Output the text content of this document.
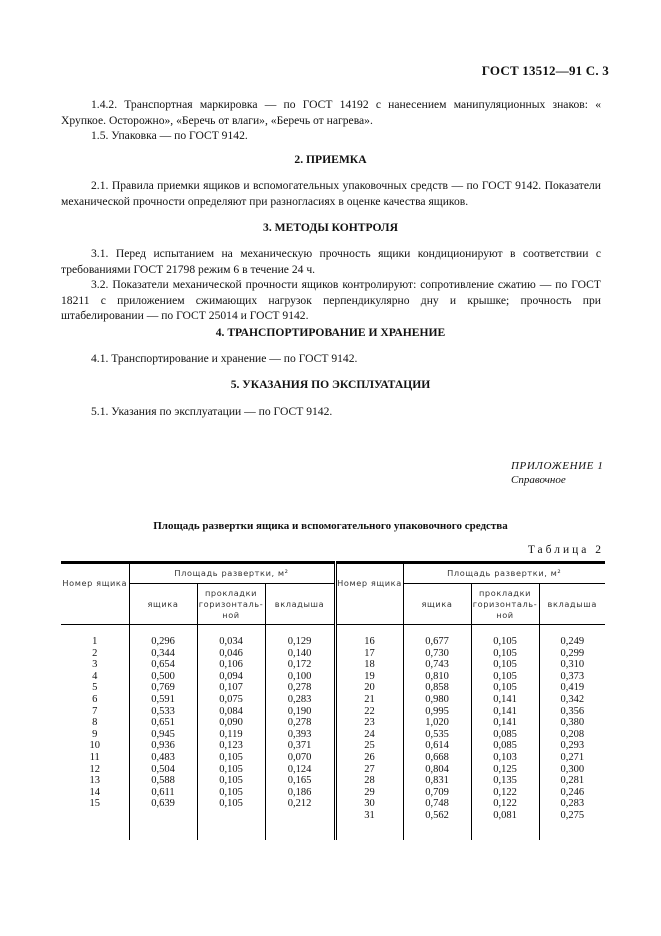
ГОСТ 13512—91 С. 3
1.4.2. Транспортная маркировка — по ГОСТ 14192 с нанесением манипуляционных знаков: « Хрупкое. Осторожно», «Беречь от влаги», «Беречь от нагрева».
1.5. Упаковка — по ГОСТ 9142.
2. ПРИЕМКА
2.1. Правила приемки ящиков и вспомогательных упаковочных средств — по ГОСТ 9142. Показатели механической прочности определяют при разногласиях в оценке качества ящиков.
3. МЕТОДЫ КОНТРОЛЯ
3.1. Перед испытанием на механическую прочность ящики кондиционируют в соответствии с требованиями ГОСТ 21798 режим 6 в течение 24 ч.
3.2. Показатели механической прочности ящиков контролируют: сопротивление сжатию — по ГОСТ 18211 с приложением сжимающих нагрузок перпендикулярно дну и крышке; прочность при штабелировании — по ГОСТ 25014 и ГОСТ 9142.
4. ТРАНСПОРТИРОВАНИЕ И ХРАНЕНИЕ
4.1. Транспортирование и хранение — по ГОСТ 9142.
5. УКАЗАНИЯ ПО ЭКСПЛУАТАЦИИ
5.1. Указания по эксплуатации — по ГОСТ 9142.
ПРИЛОЖЕНИЕ 1
Справочное
Площадь развертки ящика и вспомогательного упаковочного средства
Таблица 2
Номер ящика	Площадь развертки, м²			Номер ящика	Площадь развертки, м²		
	ящика	прокладки горизонталь-ной	вкладыша		ящика	прокладки горизонталь-ной	вкладыша
1	0,296	0,034	0,129	16	0,677	0,105	0,249
2	0,344	0,046	0,140	17	0,730	0,105	0,299
3	0,654	0,106	0,172	18	0,743	0,105	0,310
4	0,500	0,094	0,100	19	0,810	0,105	0,373
5	0,769	0,107	0,278	20	0,858	0,105	0,419
6	0,591	0,075	0,283	21	0,980	0,141	0,342
7	0,533	0,084	0,190	22	0,995	0,141	0,356
8	0,651	0,090	0,278	23	1,020	0,141	0,380
9	0,945	0,119	0,393	24	0,535	0,085	0,208
10	0,936	0,123	0,371	25	0,614	0,085	0,293
11	0,483	0,105	0,070	26	0,668	0,103	0,271
12	0,504	0,105	0,124	27	0,804	0,125	0,300
13	0,588	0,105	0,165	28	0,831	0,135	0,281
14	0,611	0,105	0,186	29	0,709	0,122	0,246
15	0,639	0,105	0,212	30	0,748	0,122	0,283
				31	0,562	0,081	0,275
